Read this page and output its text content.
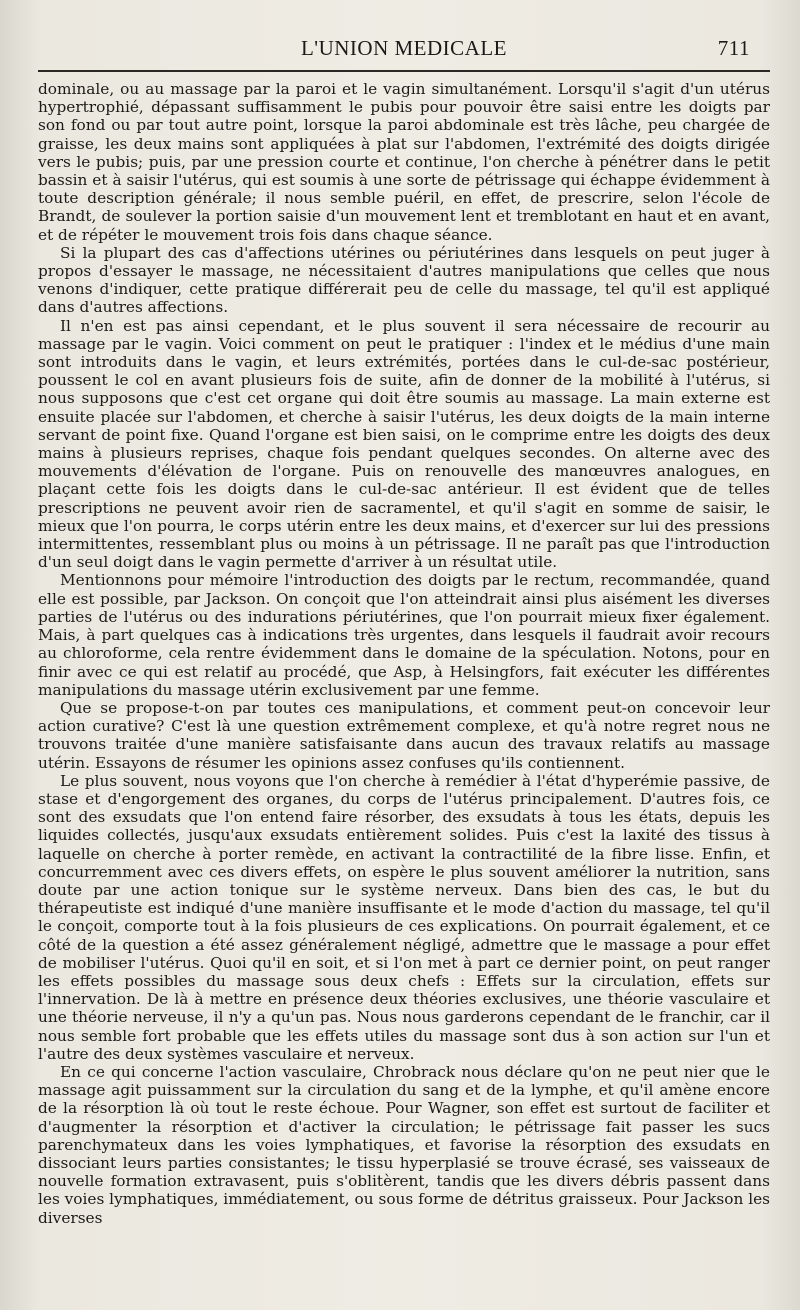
L'UNION MEDICALE	711

dominale, ou au massage par la paroi et le vagin simultanément. Lorsqu'il s'agit d'un utérus hypertrophié, dépassant suffisamment le pubis pour pouvoir être saisi entre les doigts par son fond ou par tout autre point, lorsque la paroi abdominale est très lâche, peu chargée de graisse, les deux mains sont appliquées à plat sur l'abdomen, l'extrémité des doigts dirigée vers le pubis; puis, par une pression courte et continue, l'on cherche à pénétrer dans le petit bassin et à saisir l'utérus, qui est soumis à une sorte de pétrissage qui échappe évidemment à toute description générale; il nous semble puéril, en effet, de prescrire, selon l'école de Brandt, de soulever la portion saisie d'un mouvement lent et tremblotant en haut et en avant, et de répéter le mouvement trois fois dans chaque séance.

Si la plupart des cas d'affections utérines ou périutérines dans lesquels on peut juger à propos d'essayer le massage, ne nécessitaient d'autres manipulations que celles que nous venons d'indiquer, cette pratique différerait peu de celle du massage, tel qu'il est appliqué dans d'autres affections.

Il n'en est pas ainsi cependant, et le plus souvent il sera nécessaire de recourir au massage par le vagin. Voici comment on peut le pratiquer : l'index et le médius d'une main sont introduits dans le vagin, et leurs extrémités, portées dans le cul-de-sac postérieur, poussent le col en avant plusieurs fois de suite, afin de donner de la mobilité à l'utérus, si nous supposons que c'est cet organe qui doit être soumis au massage. La main externe est ensuite placée sur l'abdomen, et cherche à saisir l'utérus, les deux doigts de la main interne servant de point fixe. Quand l'organe est bien saisi, on le comprime entre les doigts des deux mains à plusieurs reprises, chaque fois pendant quelques secondes. On alterne avec des mouvements d'élévation de l'organe. Puis on renouvelle des manœuvres analogues, en plaçant cette fois les doigts dans le cul-de-sac antérieur. Il est évident que de telles prescriptions ne peuvent avoir rien de sacramentel, et qu'il s'agit en somme de saisir, le mieux que l'on pourra, le corps utérin entre les deux mains, et d'exercer sur lui des pressions intermittentes, ressemblant plus ou moins à un pétrissage. Il ne paraît pas que l'introduction d'un seul doigt dans le vagin permette d'arriver à un résultat utile.

Mentionnons pour mémoire l'introduction des doigts par le rectum, recommandée, quand elle est possible, par Jackson. On conçoit que l'on atteindrait ainsi plus aisément les diverses parties de l'utérus ou des indurations périutérines, que l'on pourrait mieux fixer également. Mais, à part quelques cas à indications très urgentes, dans lesquels il faudrait avoir recours au chloroforme, cela rentre évidemment dans le domaine de la spéculation. Notons, pour en finir avec ce qui est relatif au procédé, que Asp, à Helsingfors, fait exécuter les différentes manipulations du massage utérin exclusivement par une femme.

Que se propose-t-on par toutes ces manipulations, et comment peut-on concevoir leur action curative? C'est là une question extrêmement complexe, et qu'à notre regret nous ne trouvons traitée d'une manière satisfaisante dans aucun des travaux relatifs au massage utérin. Essayons de résumer les opinions assez confuses qu'ils contiennent.

Le plus souvent, nous voyons que l'on cherche à remédier à l'état d'hyperémie passive, de stase et d'engorgement des organes, du corps de l'utérus principalement. D'autres fois, ce sont des exsudats que l'on entend faire résorber, des exsudats à tous les états, depuis les liquides collectés, jusqu'aux exsudats entièrement solides. Puis c'est la laxité des tissus à laquelle on cherche à porter remède, en activant la contractilité de la fibre lisse. Enfin, et concurremment avec ces divers effets, on espère le plus souvent améliorer la nutrition, sans doute par une action tonique sur le système nerveux. Dans bien des cas, le but du thérapeutiste est indiqué d'une manière insuffisante et le mode d'action du massage, tel qu'il le conçoit, comporte tout à la fois plusieurs de ces explications. On pourrait également, et ce côté de la question a été assez généralement négligé, admettre que le massage a pour effet de mobiliser l'utérus. Quoi qu'il en soit, et si l'on met à part ce dernier point, on peut ranger les effets possibles du massage sous deux chefs : Effets sur la circulation, effets sur l'innervation. De là à mettre en présence deux théories exclusives, une théorie vasculaire et une théorie nerveuse, il n'y a qu'un pas. Nous nous garderons cependant de le franchir, car il nous semble fort probable que les effets utiles du massage sont dus à son action sur l'un et l'autre des deux systèmes vasculaire et nerveux.

En ce qui concerne l'action vasculaire, Chrobrack nous déclare qu'on ne peut nier que le massage agit puissamment sur la circulation du sang et de la lymphe, et qu'il amène encore de la résorption là où tout le reste échoue. Pour Wagner, son effet est surtout de faciliter et d'augmenter la résorption et d'activer la circulation; le pétrissage fait passer les sucs parenchymateux dans les voies lymphatiques, et favorise la résorption des exsudats en dissociant leurs parties consistantes; le tissu hyperplasié se trouve écrasé, ses vaisseaux de nouvelle formation extravasent, puis s'oblitèrent, tandis que les divers débris passent dans les voies lymphatiques, immédiatement, ou sous forme de détritus graisseux. Pour Jackson les diverses
